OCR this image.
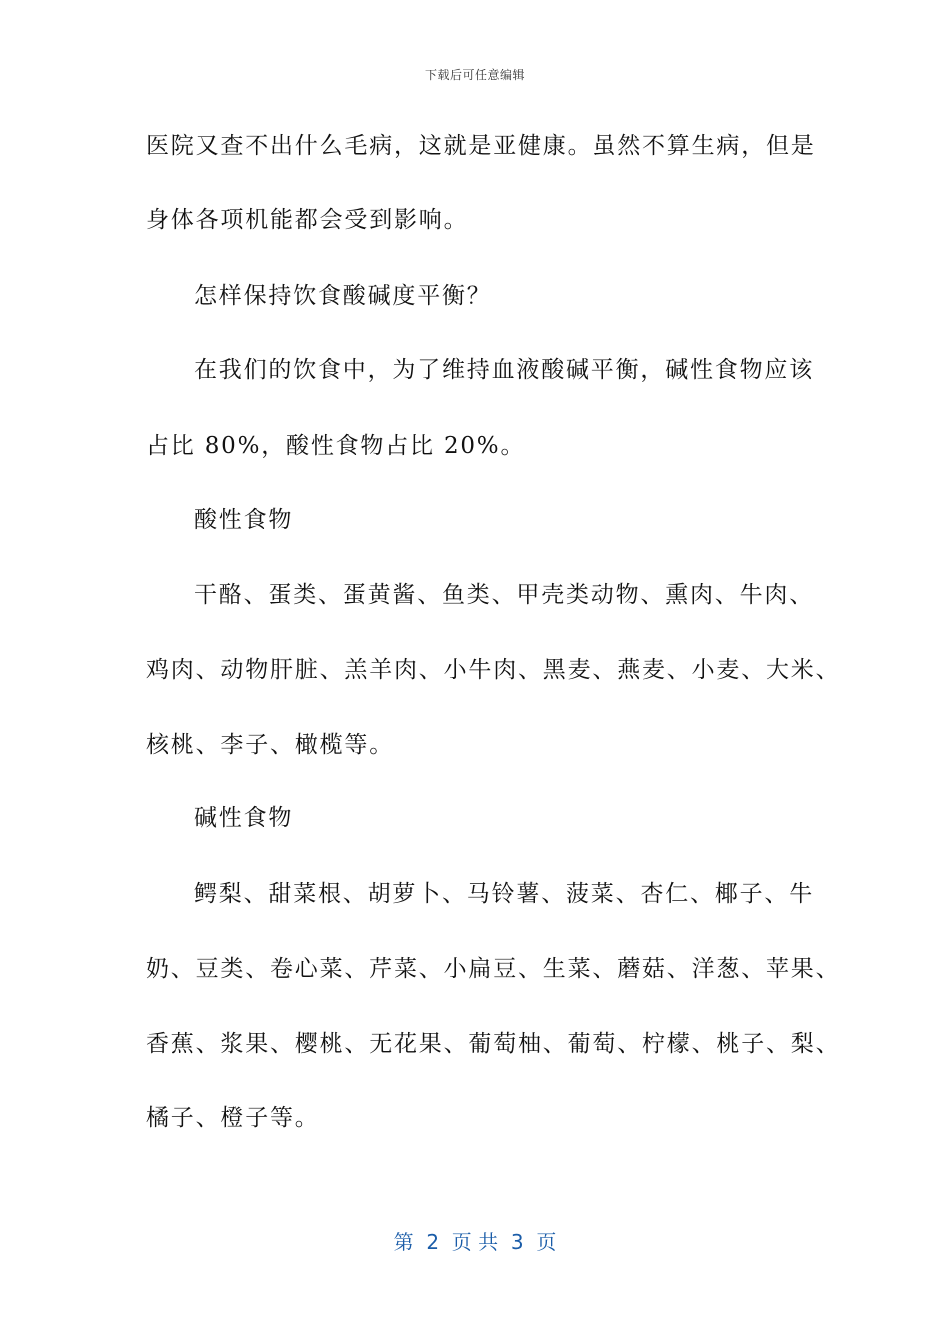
下载后可任意编辑
医院又查不出什么毛病，这就是亚健康。虽然不算生病，但是
身体各项机能都会受到影响。
怎样保持饮食酸碱度平衡？
在我们的饮食中，为了维持血液酸碱平衡，碱性食物应该
占比 80%，酸性食物占比 20%。
酸性食物
干酪、蛋类、蛋黄酱、鱼类、甲壳类动物、熏肉、牛肉、
鸡肉、动物肝脏、羔羊肉、小牛肉、黑麦、燕麦、小麦、大米、
核桃、李子、橄榄等。
碱性食物
鳄梨、甜菜根、胡萝卜、马铃薯、菠菜、杏仁、椰子、牛
奶、豆类、卷心菜、芹菜、小扁豆、生菜、蘑菇、洋葱、苹果、
香蕉、浆果、樱桃、无花果、葡萄柚、葡萄、柠檬、桃子、梨、
橘子、橙子等。
第  2  页 共  3  页
